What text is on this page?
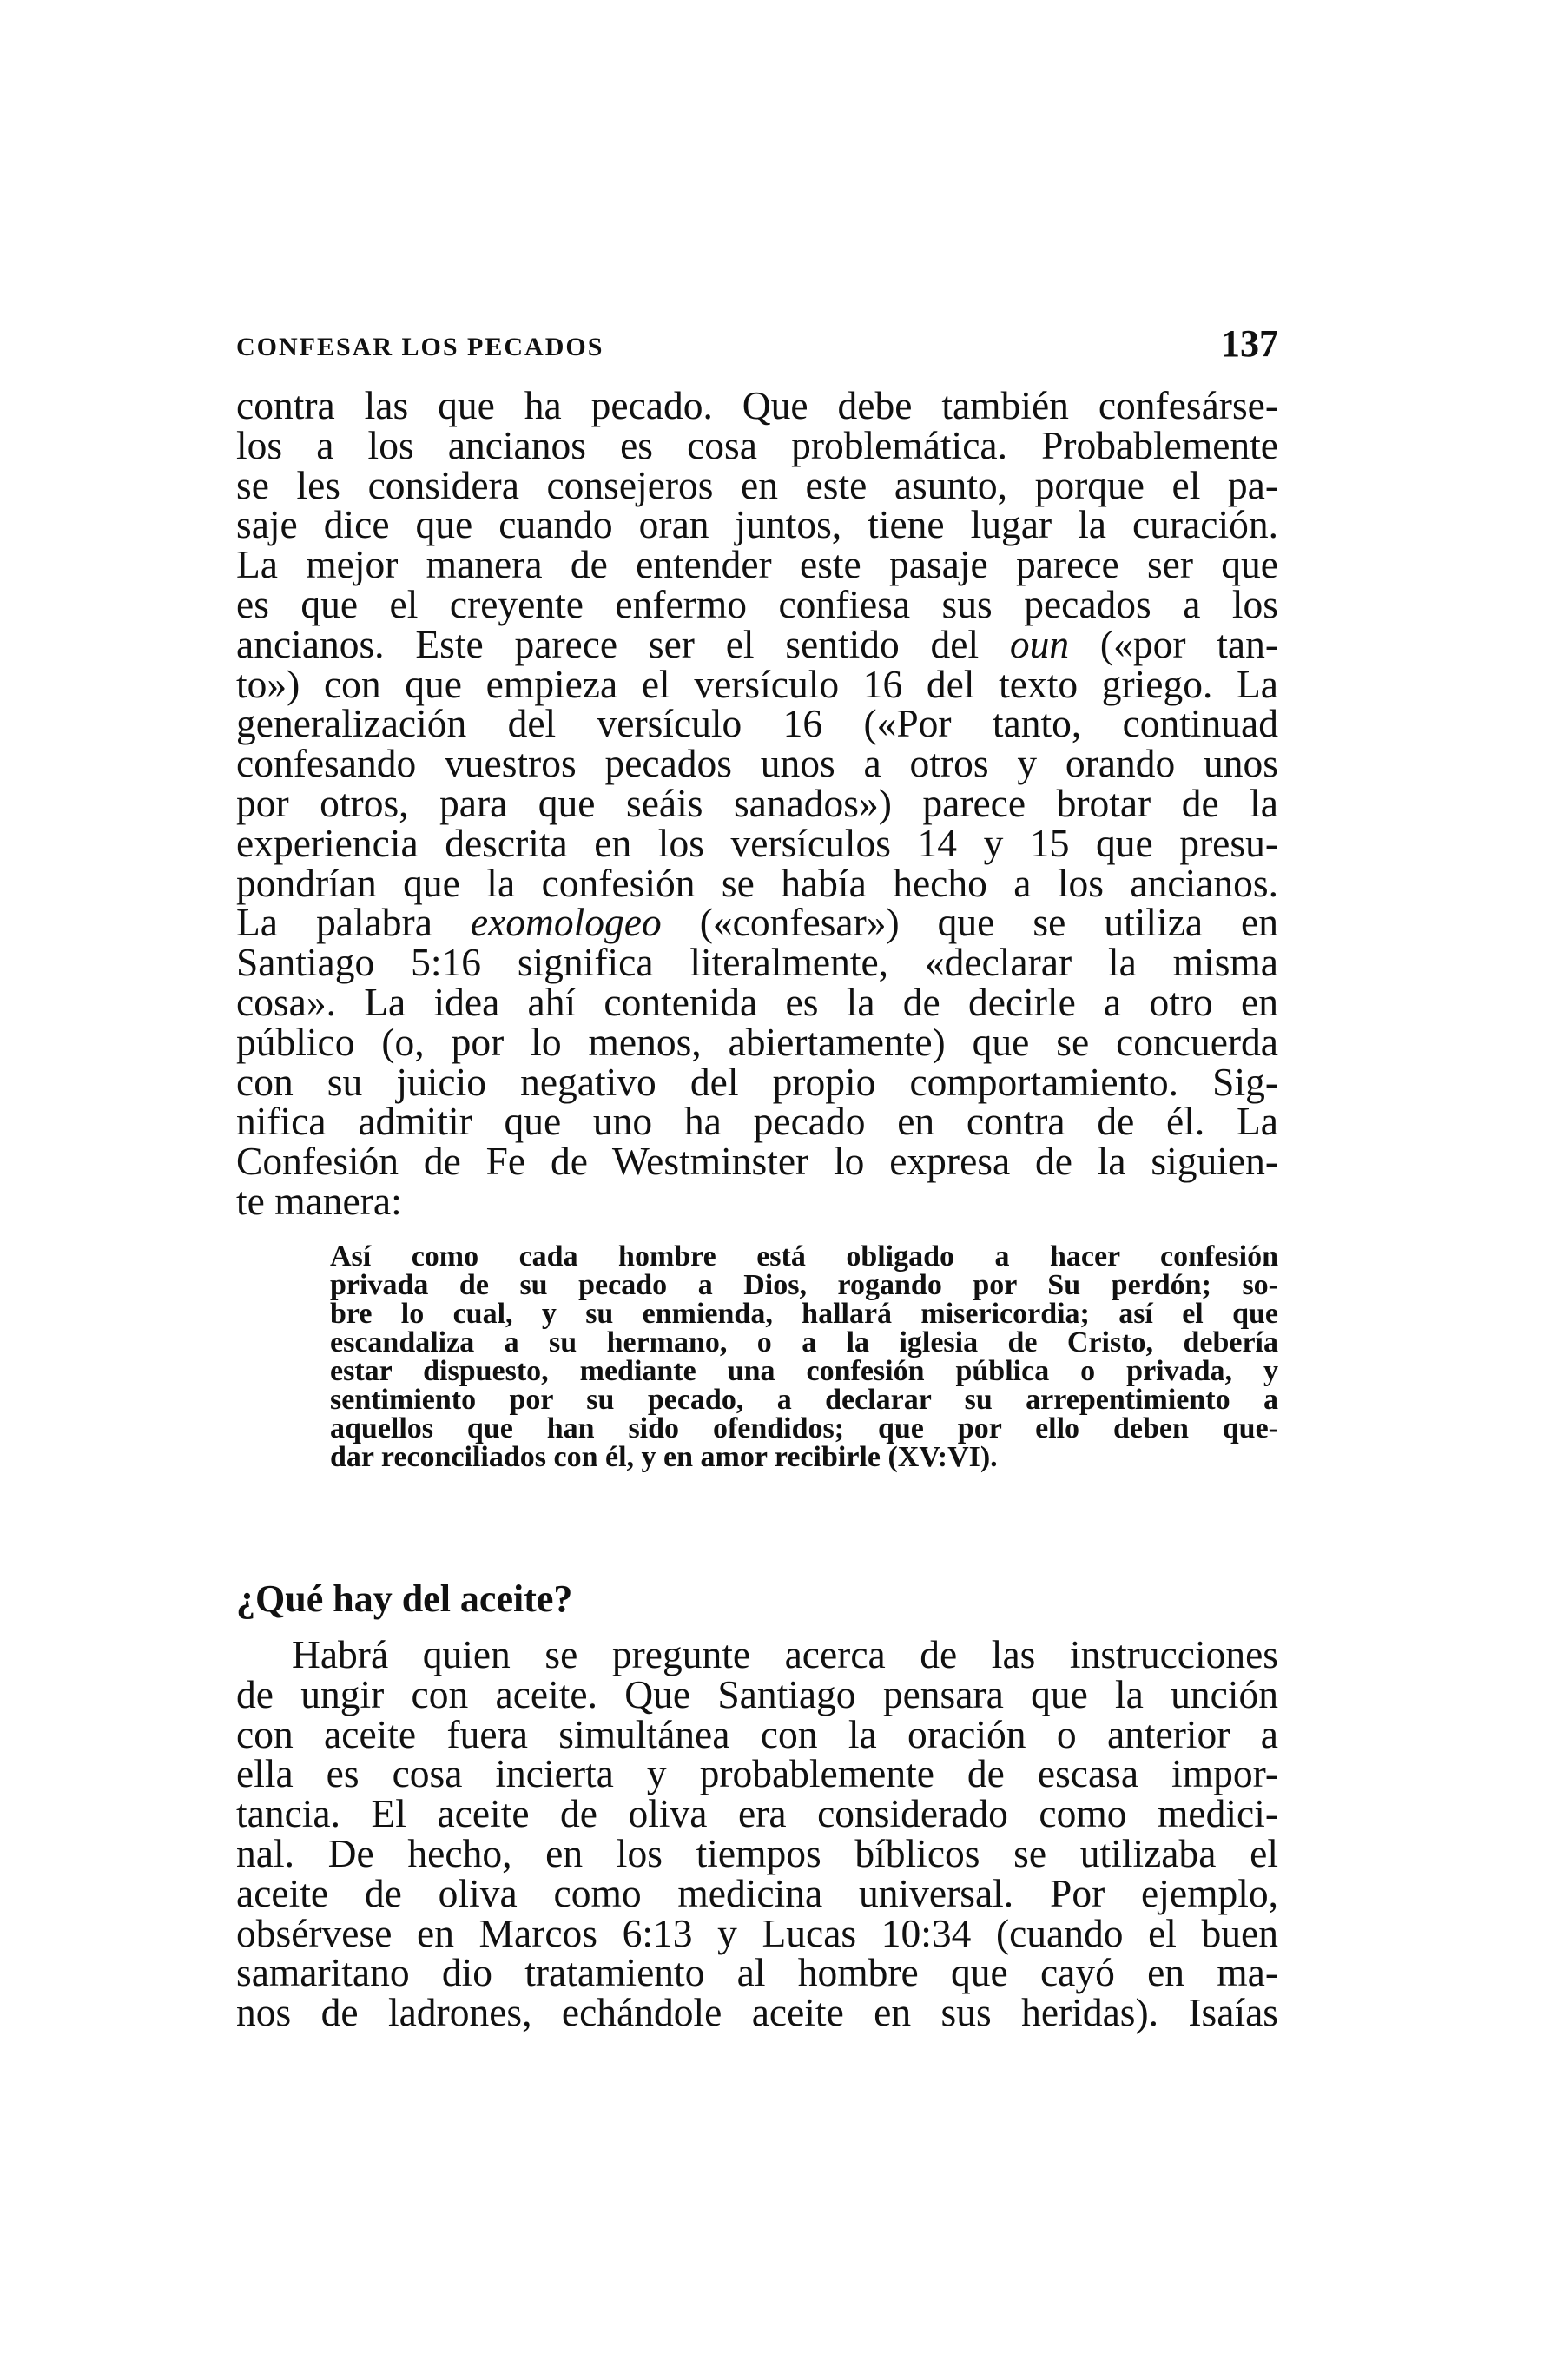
CONFESAR LOS PECADOS	137
contra las que ha pecado. Que debe también confesárse-
los a los ancianos es cosa problemática. Probablemente
se les considera consejeros en este asunto, porque el pa-
saje dice que cuando oran juntos, tiene lugar la curación.
La mejor manera de entender este pasaje parece ser que
es que el creyente enfermo confiesa sus pecados a los
ancianos. Este parece ser el sentido del oun («por tan-
to») con que empieza el versículo 16 del texto griego. La
generalización del versículo 16 («Por tanto, continuad
confesando vuestros pecados unos a otros y orando unos
por otros, para que seáis sanados») parece brotar de la
experiencia descrita en los versículos 14 y 15 que presu-
pondrían que la confesión se había hecho a los ancianos.
La palabra exomologeo («confesar») que se utiliza en
Santiago 5:16 significa literalmente, «declarar la misma
cosa». La idea ahí contenida es la de decirle a otro en
público (o, por lo menos, abiertamente) que se concuerda
con su juicio negativo del propio comportamiento. Sig-
nifica admitir que uno ha pecado en contra de él. La
Confesión de Fe de Westminster lo expresa de la siguien-
te manera:
Así como cada hombre está obligado a hacer confesión
privada de su pecado a Dios, rogando por Su perdón; so-
bre lo cual, y su enmienda, hallará misericordia; así el que
escandaliza a su hermano, o a la iglesia de Cristo, debería
estar dispuesto, mediante una confesión pública o privada, y
sentimiento por su pecado, a declarar su arrepentimiento a
aquellos que han sido ofendidos; que por ello deben que-
dar reconciliados con él, y en amor recibirle (XV:VI).
¿Qué hay del aceite?
Habrá quien se pregunte acerca de las instrucciones
de ungir con aceite. Que Santiago pensara que la unción
con aceite fuera simultánea con la oración o anterior a
ella es cosa incierta y probablemente de escasa impor-
tancia. El aceite de oliva era considerado como medici-
nal. De hecho, en los tiempos bíblicos se utilizaba el
aceite de oliva como medicina universal. Por ejemplo,
obsérvese en Marcos 6:13 y Lucas 10:34 (cuando el buen
samaritano dio tratamiento al hombre que cayó en ma-
nos de ladrones, echándole aceite en sus heridas). Isaías
